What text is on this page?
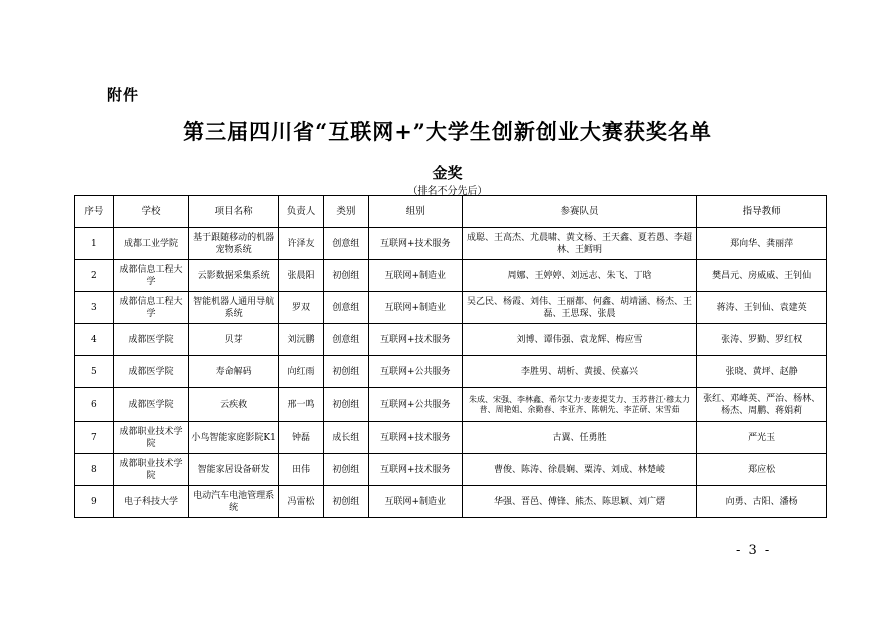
附件
第三届四川省“互联网+”大学生创新创业大赛获奖名单
金奖
（排名不分先后）
序号	学校	项目名称	负责人	类别	组别	参赛队员	指导教师
1	成都工业学院	基于跟随移动的机器宠物系统	许泽友	创意组	互联网+技术服务	成聪、王高杰、尤晨啸、黄文杨、王天鑫、夏若愚、李超林、王鳕明	郑向华、龚丽萍
2	成都信息工程大学	云影数据采集系统	张晨阳	初创组	互联网+制造业	周娜、王婷婷、刘远志、朱飞、丁晗	樊昌元、房威威、王钊仙
3	成都信息工程大学	智能机器人通用导航系统	罗双	创意组	互联网+制造业	吴乙民、杨霞、刘伟、王丽都、何鑫、胡靖涵、杨杰、王磊、王思琛、张晨	蒋涛、王钊仙、袁建英
4	成都医学院	贝芽	刘沅鹏	创意组	互联网+技术服务	刘博、谭伟强、袁龙辉、梅应雪	张涛、罗勤、罗红权
5	成都医学院	寿命解码	向红雨	初创组	互联网+公共服务	李胜男、胡析、黄援、侯嘉兴	张晓、黄坪、赵静
6	成都医学院	云疾救	邢一鸣	初创组	互联网+公共服务	朱成、宋强、李林鑫、希尔艾力·麦麦提艾力、玉苏普江·穆太力普、周艳姐、余勤春、李亚齐、陈朝先、李芷研、宋雪茹	张红、邓峰英、严治、杨林、杨杰、周鹏、蒋娟莉
7	成都职业技术学院	小鸟智能家庭影院K1	钟磊	成长组	互联网+技术服务	古翼、任勇胜	严光玉
8	成都职业技术学院	智能家居设备研发	田伟	初创组	互联网+技术服务	曹俊、陈涛、徐晨娴、粟涛、刘成、林楚崚	郑应松
9	电子科技大学	电动汽车电池管理系统	冯雷松	初创组	互联网+制造业	华强、晋邑、傅锋、熊杰、陈思颖、刘广熠	向勇、古阳、潘杨
- 3 -
